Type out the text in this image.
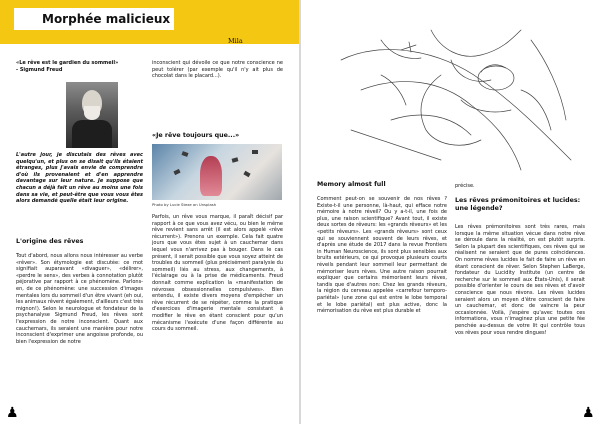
Morphée malicieux
Mila

«Le rêve est le gardien du sommeil»

- Sigmund Freud

L'autre jour, je discutais des rêves avec quelqu'un, et plus on se disait qu'ils étaient étranges, plus j'avais envie de comprendre d'où ils provenaient et d'en apprendre davantage sur leur nature. Je suppose que chacun a déjà fait un rêve au moins une fois dans sa vie, et peut-être que vous vous êtes alors demandé quelle était leur origine.

L'origine des rêves

Tout d'abord, nous allons nous intéresser au verbe «rêver». Son étymologie est discutée: ce mot signifiait auparavant «divaguer», «délirer», «perdre le sens», des verbes à connotation plutôt péjorative par rapport à ce phénomène. Parlons-en, de ce phénomène: une succession d'images mentales lors du sommeil d'un être vivant (eh oui, les animaux rêvent également, d'ailleurs c'est très mignon!). Selon le neurologue et fondateur de la psychanalyse Sigmund Freud, les rêves sont l'expression de notre inconscient. Quant aux cauchemars, ils seraient une manière pour notre inconscient d'exprimer une angoisse profonde, ou bien l'expression de notre

inconscient qui dévoile ce que notre conscience ne peut tolérer (par exemple qu'il n'y ait plus de chocolat dans le placard...).

«Je rêve toujours que...»

Photo by Lucie Stexe on Unsplash

Parfois, un rêve vous marque, il paraît décisif par rapport à ce que vous avez vécu, ou bien le même rêve revient sans arrêt (il est alors appelé «rêve récurrent»). Prenons un exemple. Cela fait quatre jours que vous êtes sujet à un cauchemar dans lequel vous n'arrivez pas à bouger. Dans le cas présent, il serait possible que vous soyez atteint de troubles du sommeil (plus précisément paralysie du sommeil) liés au stress, aux changements, à l'éclairage ou à la prise de médicaments. Freud donnait comme explication la «manifestation de névroses obsessionnelles compulsives». Bien entendu, il existe divers moyens d'empêcher un rêve récurrent de se répéter, comme la pratique d'exercices d'imagerie mentale consistant à modifier le rêve en étant conscient pour qu'un mécanisme l'exécute d'une façon différente au cours du sommeil.

♟

Memory almost full

Comment peut-on se souvenir de nos rêves ? Existe-t-il une personne, là-haut, qui efface notre mémoire à notre réveil? Ou y a-t-il, une fois de plus, une raison scientifique? Avant tout, il existe deux sortes de rêveurs: les «grands rêveurs» et les «petits rêveurs». Les «grands rêveurs» sont ceux qui se souviennent souvent de leurs rêves, et d'après une étude de 2017 dans la revue Frontiers in Human Neuroscience, ils sont plus sensibles aux bruits extérieurs, ce qui provoque plusieurs courts réveils pendant leur sommeil leur permettant de mémoriser leurs rêves. Une autre raison pourrait expliquer que certains mémorisent leurs rêves, tandis que d'autres non: Chez les grands rêveurs, la région du cerveau appelée «carrefour temporo-pariétal» (une zone qui est entre le lobe temporal et le lobe pariétal) est plus active, donc la mémorisation du rêve est plus durable et

précise.

Les rêves prémonitoires et lucides: une légende?

Les rêves prémonitoires sont très rares, mais lorsque la même situation vécue dans notre rêve se déroule dans la réalité, on est plutôt surpris. Selon la plupart des scientifiques, ces rêves qui se réalisent ne seraient que de pures coïncidences. On nomme rêves lucides le fait de faire un rêve en étant conscient de rêver. Selon Stephen LaBerge, fondateur du Lucidity Institute (un centre de recherche sur le sommeil aux États-Unis), il serait possible d'orienter le cours de ses rêves et d'avoir conscience que nous rêvons. Les rêves lucides seraient alors un moyen d'être conscient de faire un cauchemar, et donc de vaincre la peur occasionnée. Voilà, j'espère qu'avec toutes ces informations, vous n'imaginez plus une petite fée penchée au-dessus de votre lit qui contrôle tous vos rêves pour vous rendre dingues!

♟
